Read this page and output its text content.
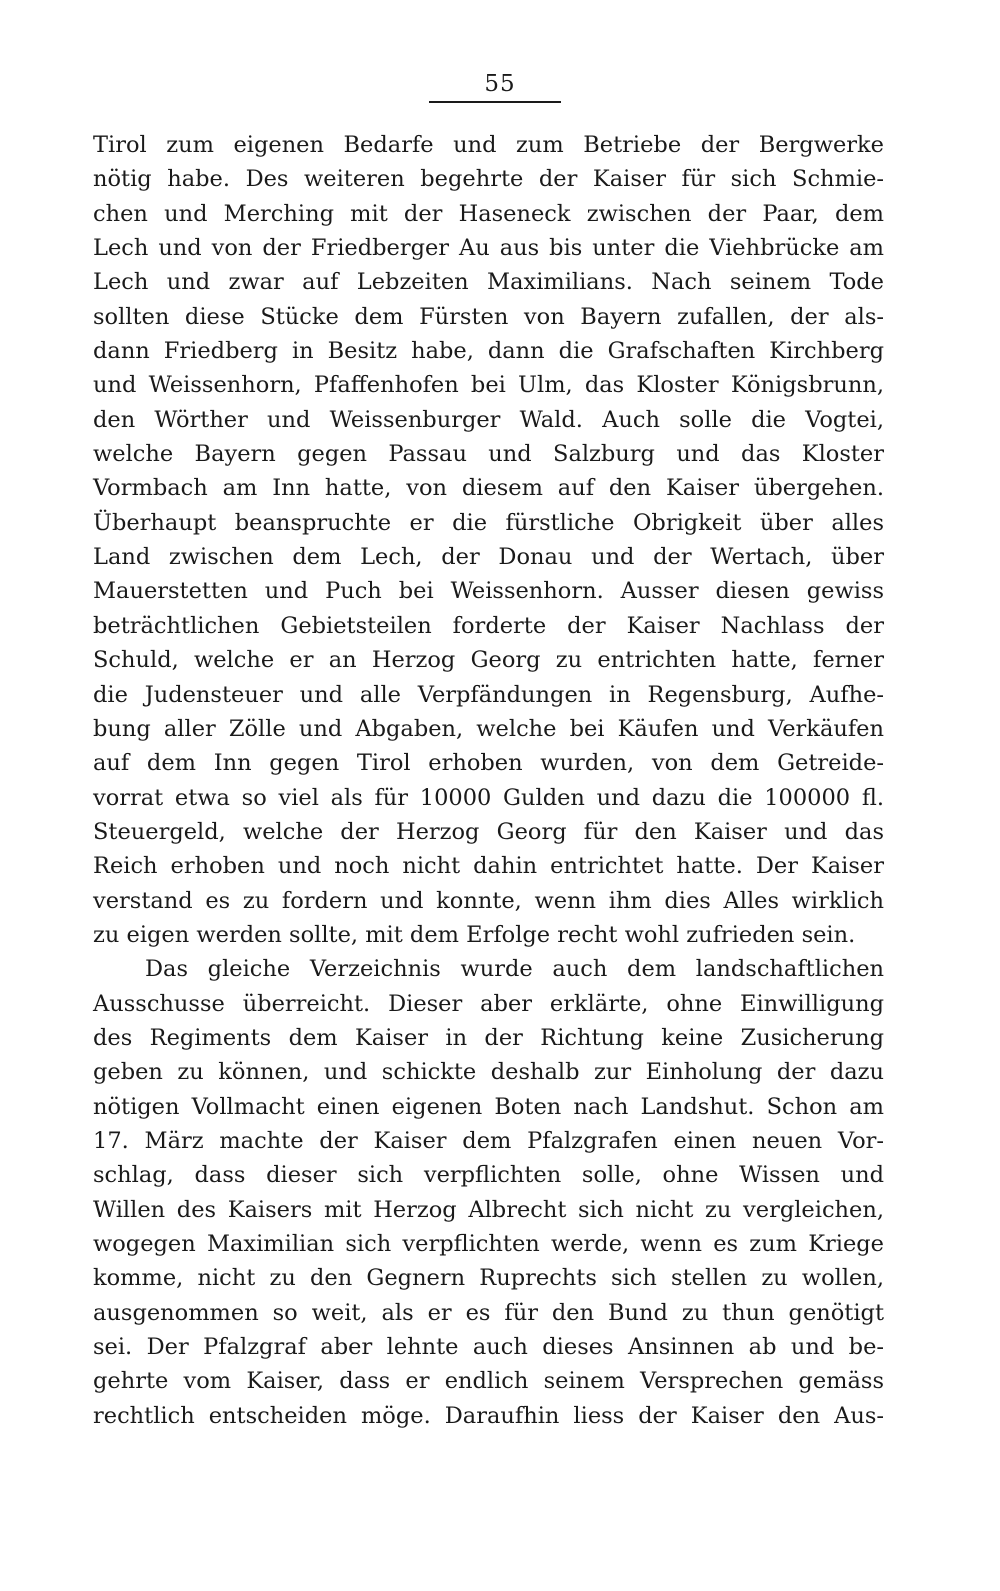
55
Tirol zum eigenen Bedarfe und zum Betriebe der Bergwerke
nötig habe. Des weiteren begehrte der Kaiser für sich Schmie-
chen und Merching mit der Haseneck zwischen der Paar, dem
Lech und von der Friedberger Au aus bis unter die Viehbrücke am
Lech und zwar auf Lebzeiten Maximilians. Nach seinem Tode
sollten diese Stücke dem Fürsten von Bayern zufallen, der als-
dann Friedberg in Besitz habe, dann die Grafschaften Kirchberg
und Weissenhorn, Pfaffenhofen bei Ulm, das Kloster Königsbrunn,
den Wörther und Weissenburger Wald. Auch solle die Vogtei,
welche Bayern gegen Passau und Salzburg und das Kloster
Vormbach am Inn hatte, von diesem auf den Kaiser übergehen.
Überhaupt beanspruchte er die fürstliche Obrigkeit über alles
Land zwischen dem Lech, der Donau und der Wertach, über
Mauerstetten und Puch bei Weissenhorn. Ausser diesen gewiss
beträchtlichen Gebietsteilen forderte der Kaiser Nachlass der
Schuld, welche er an Herzog Georg zu entrichten hatte, ferner
die Judensteuer und alle Verpfändungen in Regensburg, Aufhe-
bung aller Zölle und Abgaben, welche bei Käufen und Verkäufen
auf dem Inn gegen Tirol erhoben wurden, von dem Getreide-
vorrat etwa so viel als für 10000 Gulden und dazu die 100000 fl.
Steuergeld, welche der Herzog Georg für den Kaiser und das
Reich erhoben und noch nicht dahin entrichtet hatte. Der Kaiser
verstand es zu fordern und konnte, wenn ihm dies Alles wirklich
zu eigen werden sollte, mit dem Erfolge recht wohl zufrieden sein.
Das gleiche Verzeichnis wurde auch dem landschaftlichen
Ausschusse überreicht. Dieser aber erklärte, ohne Einwilligung
des Regiments dem Kaiser in der Richtung keine Zusicherung
geben zu können, und schickte deshalb zur Einholung der dazu
nötigen Vollmacht einen eigenen Boten nach Landshut. Schon am
17. März machte der Kaiser dem Pfalzgrafen einen neuen Vor-
schlag, dass dieser sich verpflichten solle, ohne Wissen und
Willen des Kaisers mit Herzog Albrecht sich nicht zu vergleichen,
wogegen Maximilian sich verpflichten werde, wenn es zum Kriege
komme, nicht zu den Gegnern Ruprechts sich stellen zu wollen,
ausgenommen so weit, als er es für den Bund zu thun genötigt
sei. Der Pfalzgraf aber lehnte auch dieses Ansinnen ab und be-
gehrte vom Kaiser, dass er endlich seinem Versprechen gemäss
rechtlich entscheiden möge. Daraufhin liess der Kaiser den Aus-
